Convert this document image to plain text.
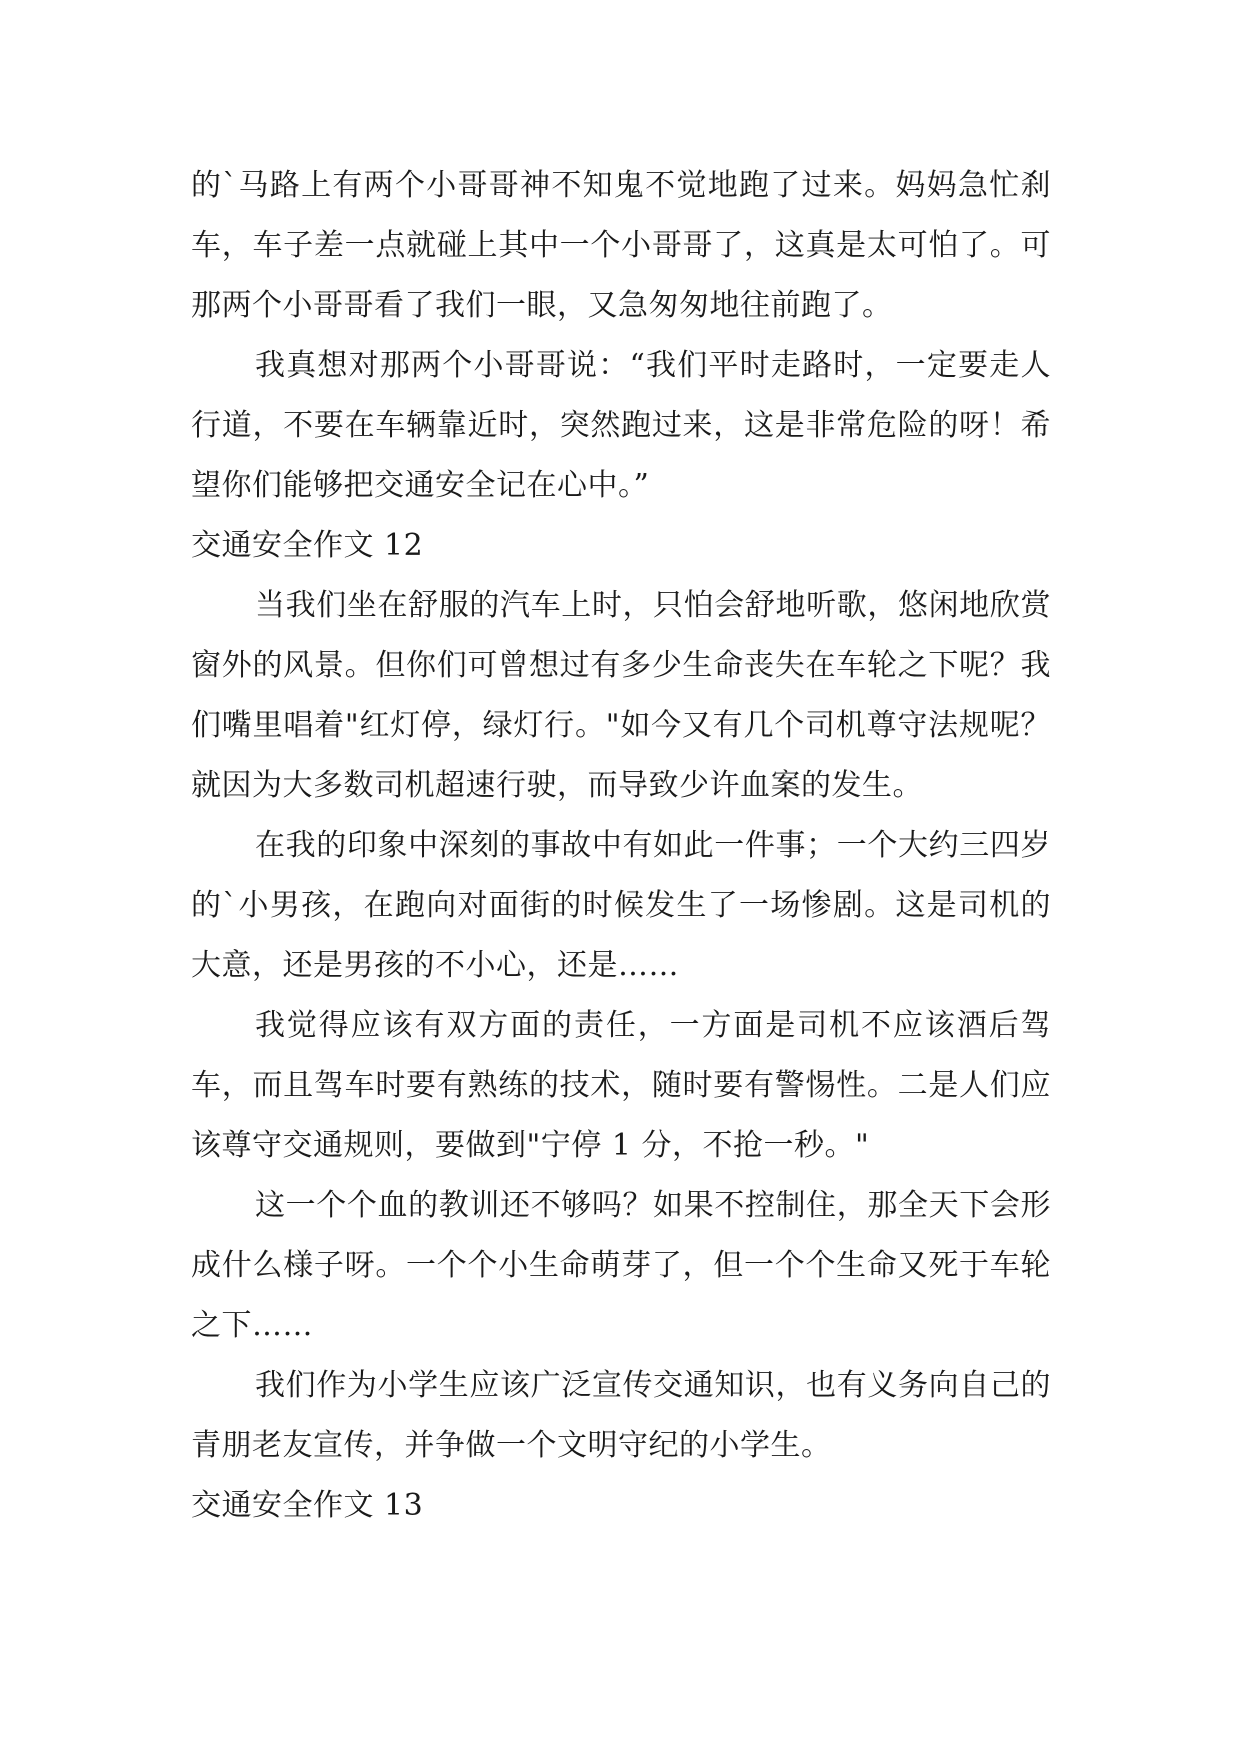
的`马路上有两个小哥哥神不知鬼不觉地跑了过来。妈妈急忙刹车，车子差一点就碰上其中一个小哥哥了，这真是太可怕了。可那两个小哥哥看了我们一眼，又急匆匆地往前跑了。

我真想对那两个小哥哥说：“我们平时走路时，一定要走人行道，不要在车辆靠近时，突然跑过来，这是非常危险的呀！希望你们能够把交通安全记在心中。”

交通安全作文 12

当我们坐在舒服的汽车上时，只怕会舒地听歌，悠闲地欣赏窗外的风景。但你们可曾想过有多少生命丧失在车轮之下呢？我们嘴里唱着"红灯停，绿灯行。"如今又有几个司机尊守法规呢？就因为大多数司机超速行驶，而导致少许血案的发生。

在我的印象中深刻的事故中有如此一件事；一个大约三四岁的`小男孩，在跑向对面街的时候发生了一场惨剧。这是司机的大意，还是男孩的不小心，还是……

我觉得应该有双方面的责任，一方面是司机不应该酒后驾车，而且驾车时要有熟练的技术，随时要有警惕性。二是人们应该尊守交通规则，要做到"宁停 1 分，不抢一秒。"

这一个个血的教训还不够吗？如果不控制住，那全天下会形成什么様子呀。一个个小生命萌芽了，但一个个生命又死于车轮之下……

我们作为小学生应该广泛宣传交通知识，也有义务向自己的青朋老友宣传，并争做一个文明守纪的小学生。

交通安全作文 13
